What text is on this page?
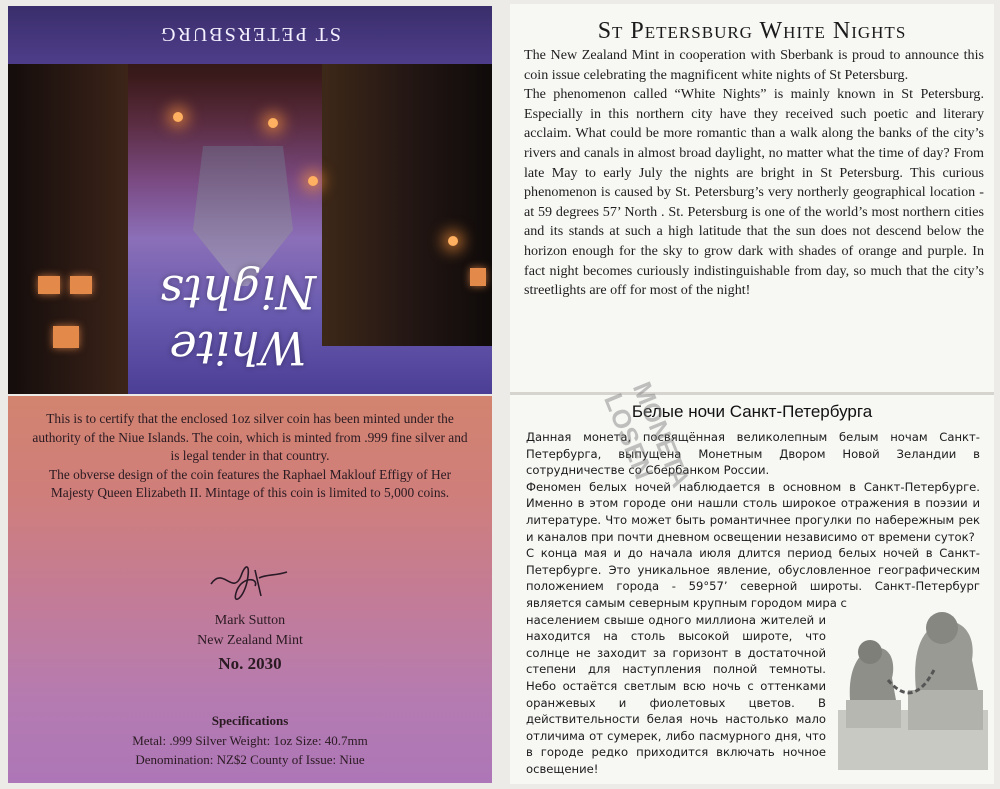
ST PETERSBURG
White
Nights

This is to certify that the enclosed 1oz silver coin has been minted under the authority of the Niue Islands. The coin, which is minted from .999 fine silver and is legal tender in that country.

The obverse design of the coin features the Raphael Maklouf Effigy of Her Majesty Queen Elizabeth II. Mintage of this coin is limited to 5,000 coins.

Mark Sutton
New Zealand Mint
No. 2030
Specifications
Metal: .999 Silver Weight: 1oz Size: 40.7mm
Denomination: NZ$2 County of Issue: Niue
St Petersburg White Nights

The New Zealand Mint in cooperation with Sberbank is proud to announce this coin issue celebrating the magnificent white nights of St Petersburg.

The phenomenon called “White Nights” is mainly known in St Petersburg. Especially in this northern city have they received such poetic and literary acclaim. What could be more romantic than a walk along the banks of the city’s rivers and canals in almost broad daylight, no matter what the time of day? From late May to early July the nights are bright in St Petersburg. This curious phenomenon is caused by St. Petersburg’s very northerly geographical location - at 59 degrees 57’ North . St. Petersburg is one of the world’s most northern cities and its stands at such a high latitude that the sun does not descend below the horizon enough for the sky to grow dark with shades of orange and purple. In fact night becomes curiously indistinguishable from day, so much that the city’s streetlights are off for most of the night!

Белые ночи Санкт-Петербурга

Данная монета, посвящённая великолепным белым ночам Санкт-Петербурга, выпущена Монетным Двором Новой Зеландии в сотрудничестве со Сбербанком России.

Феномен белых ночей наблюдается в основном в Санкт-Петербурге. Именно в этом городе они нашли столь широкое отражения в поэзии и литературе. Что может быть романтичнее прогулки по набережным рек и каналов при почти дневном освещении независимо от времени суток?

С конца мая и до начала июля длится период белых ночей в Санкт-Петербурге. Это уникальное явление, обусловленное географическим положением города - 59°57’ северной широты. Санкт-Петербург является самым северным крупным городом мира с

населением свыше одного миллиона жителей и находится на столь высокой широте, что солнце не заходит за горизонт в достаточной степени для наступления полной темноты. Небо остаётся светлым всю ночь с оттенками оранжевых и фиолетовых цветов. В действительности белая ночь настолько мало отличима от сумерек, либо пасмурного дня, что в городе редко приходится включать ночное освещение!

MONETA LOSEN
